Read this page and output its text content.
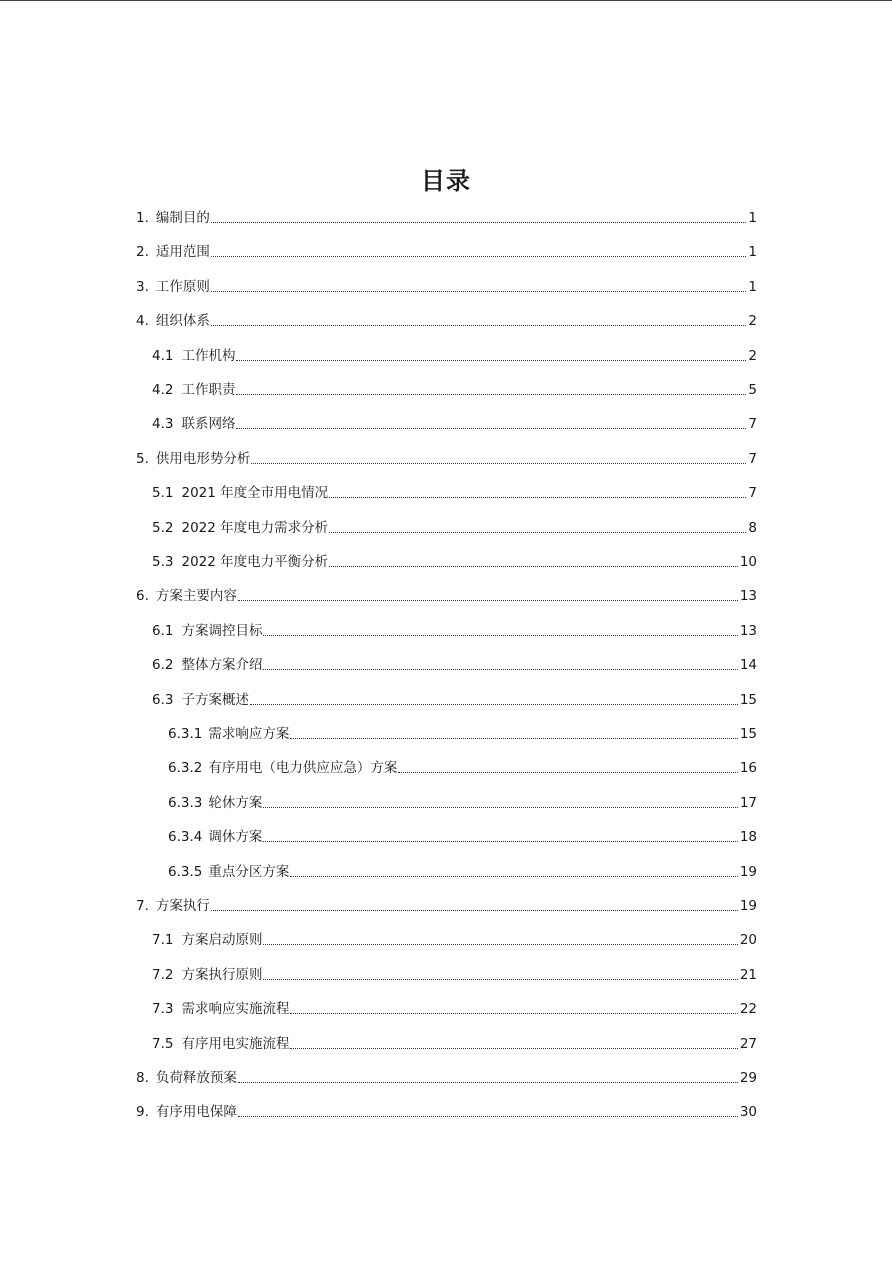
目录
1. 编制目的	1
2. 适用范围	1
3. 工作原则	1
4. 组织体系	2
4.1 工作机构	2
4.2 工作职责	5
4.3 联系网络	7
5. 供用电形势分析	7
5.1 2021 年度全市用电情况	7
5.2 2022 年度电力需求分析	8
5.3 2022 年度电力平衡分析	10
6. 方案主要内容	13
6.1 方案调控目标	13
6.2 整体方案介绍	14
6.3 子方案概述	15
6.3.1 需求响应方案	15
6.3.2 有序用电（电力供应应急）方案	16
6.3.3 轮休方案	17
6.3.4 调休方案	18
6.3.5 重点分区方案	19
7. 方案执行	19
7.1 方案启动原则	20
7.2 方案执行原则	21
7.3 需求响应实施流程	22
7.5 有序用电实施流程	27
8. 负荷释放预案	29
9. 有序用电保障	30
